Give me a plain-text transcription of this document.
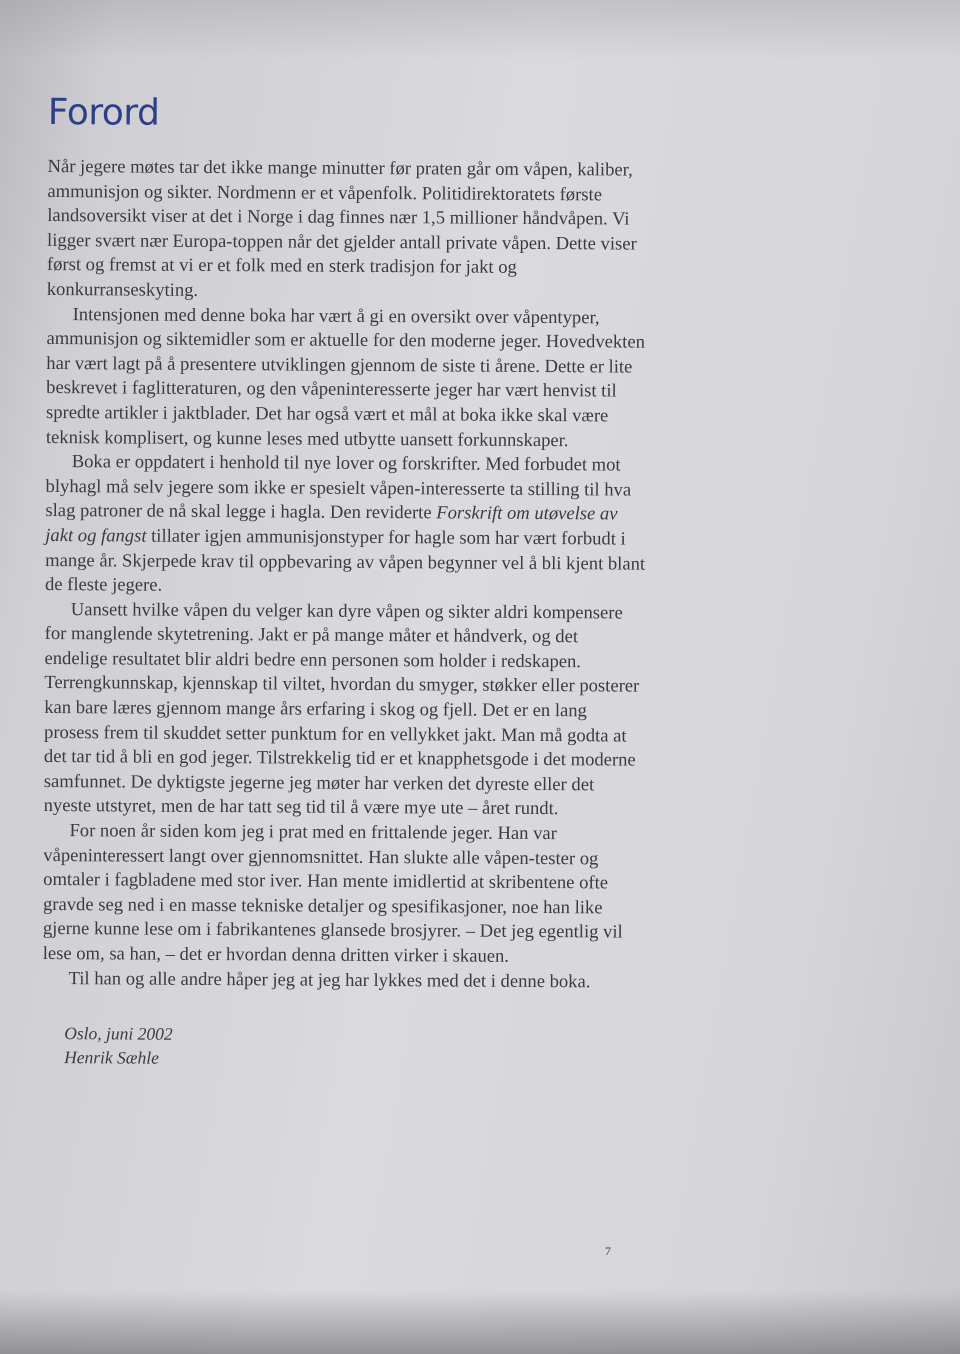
Forord

Når jegere møtes tar det ikke mange minutter før praten går om våpen, kaliber, ammunisjon og sikter. Nordmenn er et våpenfolk. Politidirektoratets første landsoversikt viser at det i Norge i dag finnes nær 1,5 millioner håndvåpen. Vi ligger svært nær Europa-toppen når det gjelder antall private våpen. Dette viser først og fremst at vi er et folk med en sterk tradisjon for jakt og konkurranseskyting.

Intensjonen med denne boka har vært å gi en oversikt over våpentyper, ammunisjon og siktemidler som er aktuelle for den moderne jeger. Hovedvekten har vært lagt på å presentere utviklingen gjennom de siste ti årene. Dette er lite beskrevet i faglitteraturen, og den våpeninteresserte jeger har vært henvist til spredte artikler i jaktblader. Det har også vært et mål at boka ikke skal være teknisk komplisert, og kunne leses med utbytte uansett forkunnskaper.

Boka er oppdatert i henhold til nye lover og forskrifter. Med forbudet mot blyhagl må selv jegere som ikke er spesielt våpen-interesserte ta stilling til hva slag patroner de nå skal legge i hagla. Den reviderte Forskrift om utøvelse av jakt og fangst tillater igjen ammunisjonstyper for hagle som har vært forbudt i mange år. Skjerpede krav til oppbevaring av våpen begynner vel å bli kjent blant de fleste jegere.

Uansett hvilke våpen du velger kan dyre våpen og sikter aldri kompensere for manglende skytetrening. Jakt er på mange måter et håndverk, og det endelige resultatet blir aldri bedre enn personen som holder i redskapen. Terrengkunnskap, kjennskap til viltet, hvordan du smyger, støkker eller posterer kan bare læres gjennom mange års erfaring i skog og fjell. Det er en lang prosess frem til skuddet setter punktum for en vellykket jakt. Man må godta at det tar tid å bli en god jeger. Tilstrekkelig tid er et knapphetsgode i det moderne samfunnet. De dyktigste jegerne jeg møter har verken det dyreste eller det nyeste utstyret, men de har tatt seg tid til å være mye ute – året rundt.

For noen år siden kom jeg i prat med en frittalende jeger. Han var våpeninteressert langt over gjennomsnittet. Han slukte alle våpen-tester og omtaler i fagbladene med stor iver. Han mente imidlertid at skribentene ofte gravde seg ned i en masse tekniske detaljer og spesifikasjoner, noe han like gjerne kunne lese om i fabrikantenes glansede brosjyrer. – Det jeg egentlig vil lese om, sa han, – det er hvordan denna dritten virker i skauen.

Til han og alle andre håper jeg at jeg har lykkes med det i denne boka.

Oslo, juni 2002
Henrik Sæhle
7
